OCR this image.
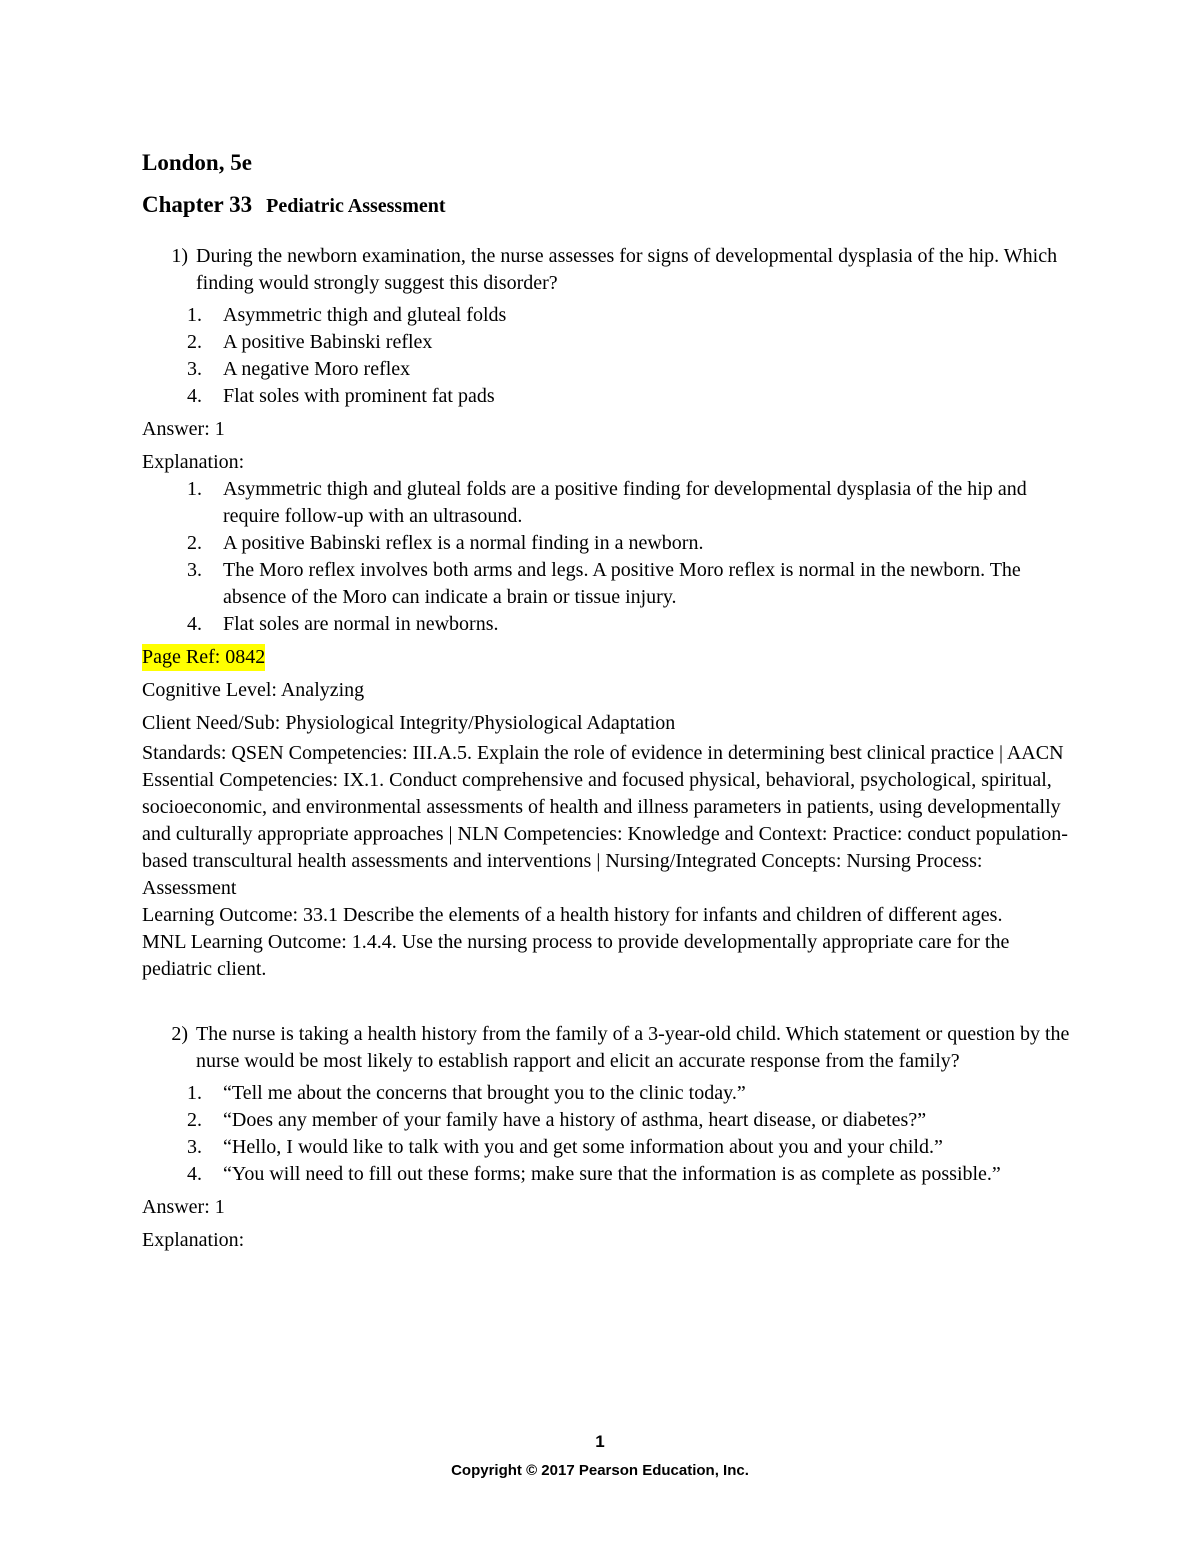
London, 5e
Chapter 33 Pediatric Assessment
1) During the newborn examination, the nurse assesses for signs of developmental dysplasia of the hip. Which finding would strongly suggest this disorder?
1.	Asymmetric thigh and gluteal folds
2.	A positive Babinski reflex
3.	A negative Moro reflex
4.	Flat soles with prominent fat pads
Answer: 1
Explanation:
1.	Asymmetric thigh and gluteal folds are a positive finding for developmental dysplasia of the hip and require follow-up with an ultrasound.
2.	A positive Babinski reflex is a normal finding in a newborn.
3.	The Moro reflex involves both arms and legs. A positive Moro reflex is normal in the newborn. The absence of the Moro can indicate a brain or tissue injury.
4.	Flat soles are normal in newborns.
Page Ref: 0842
Cognitive Level: Analyzing
Client Need/Sub: Physiological Integrity/Physiological Adaptation
Standards: QSEN Competencies: III.A.5. Explain the role of evidence in determining best clinical practice | AACN Essential Competencies: IX.1. Conduct comprehensive and focused physical, behavioral, psychological, spiritual, socioeconomic, and environmental assessments of health and illness parameters in patients, using developmentally and culturally appropriate approaches | NLN Competencies: Knowledge and Context: Practice: conduct population-based transcultural health assessments and interventions | Nursing/Integrated Concepts: Nursing Process: Assessment
Learning Outcome: 33.1 Describe the elements of a health history for infants and children of different ages.
MNL Learning Outcome: 1.4.4. Use the nursing process to provide developmentally appropriate care for the pediatric client.
2) The nurse is taking a health history from the family of a 3-year-old child. Which statement or question by the nurse would be most likely to establish rapport and elicit an accurate response from the family?
1.	“Tell me about the concerns that brought you to the clinic today.”
2.	“Does any member of your family have a history of asthma, heart disease, or diabetes?”
3.	“Hello, I would like to talk with you and get some information about you and your child.”
4.	“You will need to fill out these forms; make sure that the information is as complete as possible.”
Answer: 1
Explanation:
1
Copyright © 2017 Pearson Education, Inc.
